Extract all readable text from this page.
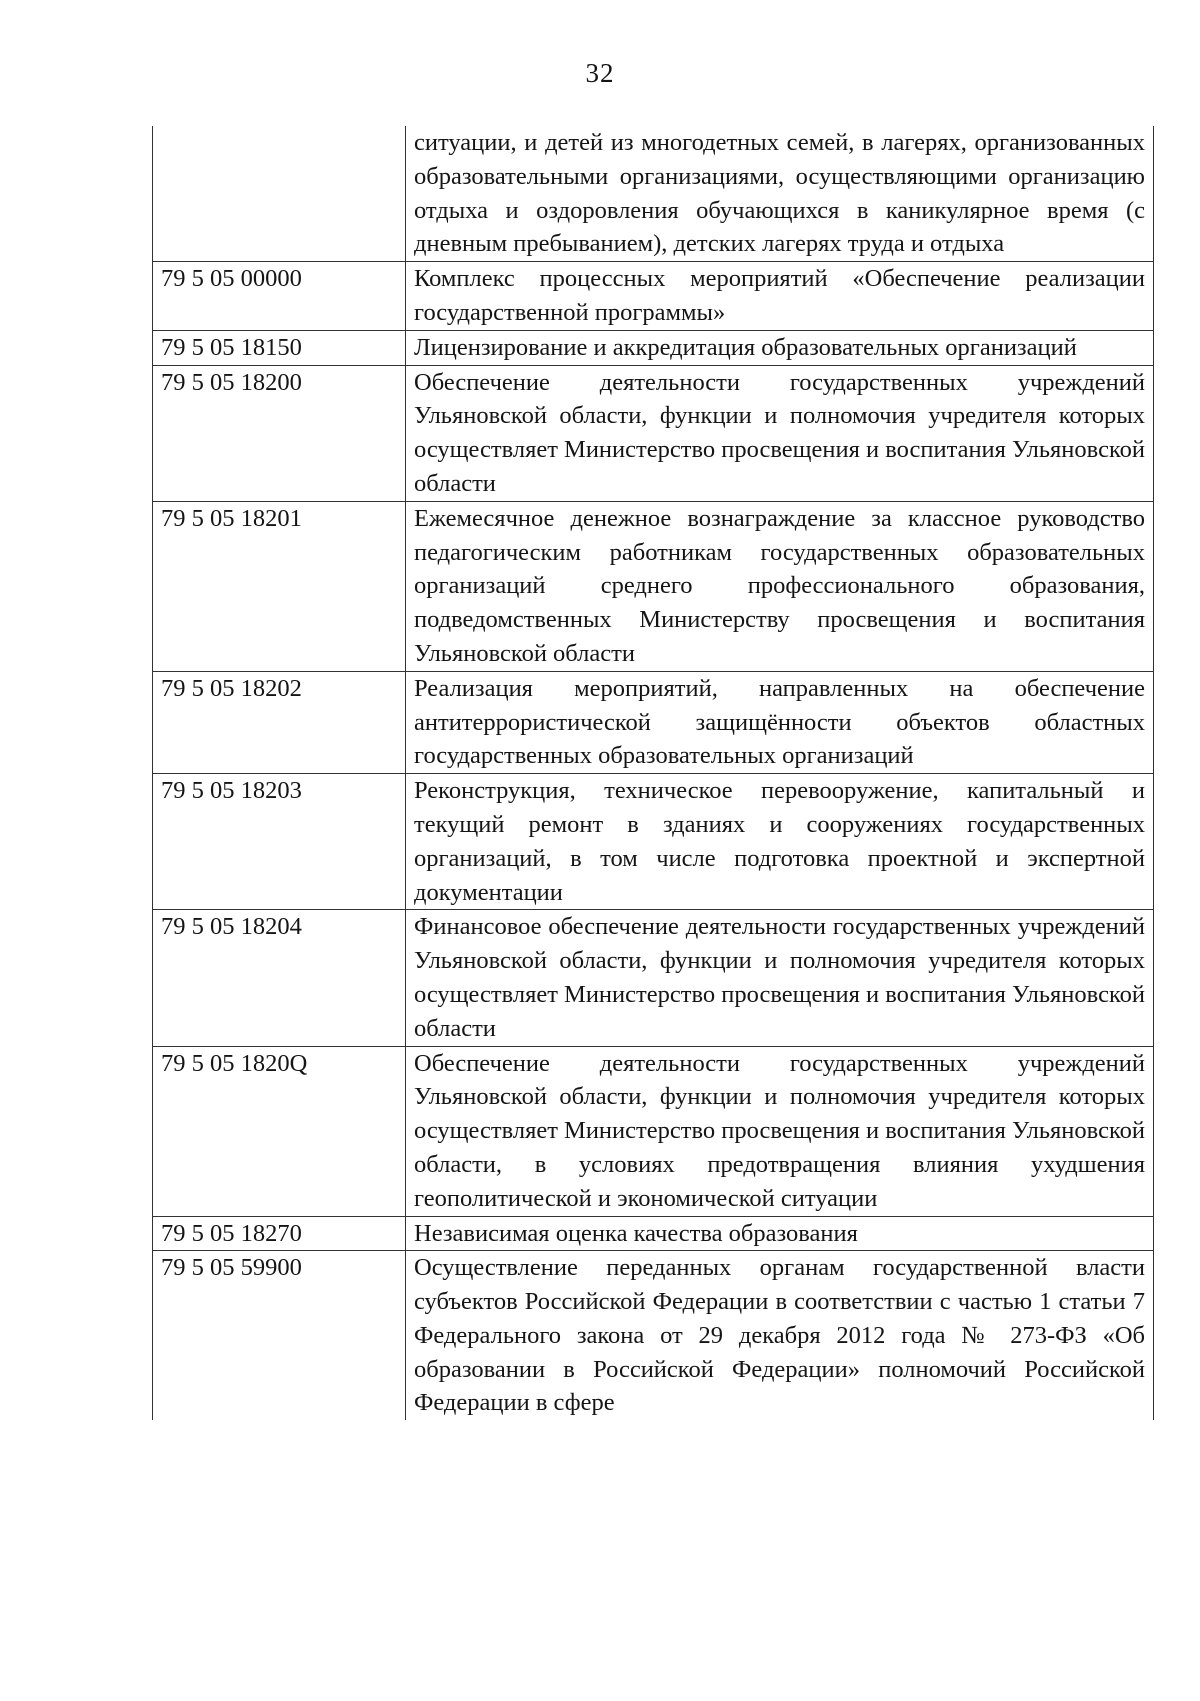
32
	ситуации, и детей из многодетных семей, в лагерях, организованных образовательными организациями, осуществляющими организацию отдыха и оздоровления обучающихся в каникулярное время (с дневным пребыванием), детских лагерях труда и отдыха
79 5 05 00000	Комплекс процессных мероприятий «Обеспечение реализации государственной программы»
79 5 05 18150	Лицензирование и аккредитация образовательных организаций
79 5 05 18200	Обеспечение деятельности государственных учреждений Ульяновской области, функции и полномочия учредителя которых осуществляет Министерство просвещения и воспитания Ульяновской области
79 5 05 18201	Ежемесячное денежное вознаграждение за классное руководство педагогическим работникам государственных образовательных организаций среднего профессионального образования, подведомственных Министерству просвещения и воспитания Ульяновской области
79 5 05 18202	Реализация мероприятий, направленных на обеспечение антитеррористической защищённости объектов областных государственных образовательных организаций
79 5 05 18203	Реконструкция, техническое перевооружение, капитальный и текущий ремонт в зданиях и сооружениях государственных организаций, в том числе подготовка проектной и экспертной документации
79 5 05 18204	Финансовое обеспечение деятельности государственных учреждений Ульяновской области, функции и полномочия учредителя которых осуществляет Министерство просвещения и воспитания Ульяновской области
79 5 05 1820Q	Обеспечение деятельности государственных учреждений Ульяновской области, функции и полномочия учредителя которых осуществляет Министерство просвещения и воспитания Ульяновской области, в условиях предотвращения влияния ухудшения геополитической и экономической ситуации
79 5 05 18270	Независимая оценка качества образования
79 5 05 59900	Осуществление переданных органам государственной власти субъектов Российской Федерации в соответствии с частью 1 статьи 7 Федерального закона от 29 декабря 2012 года № 273-ФЗ «Об образовании в Российской Федерации» полномочий Российской Федерации в сфере
